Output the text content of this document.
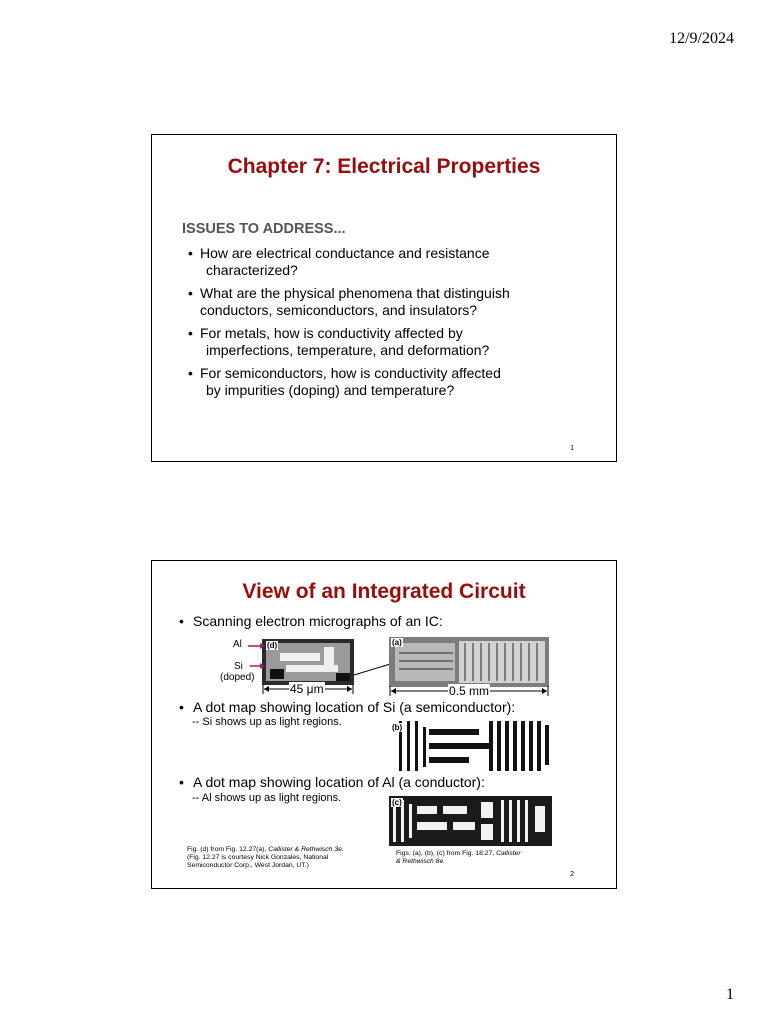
12/9/2024
Chapter 7: Electrical Properties
ISSUES TO ADDRESS...
• How are electrical conductance and resistance
characterized?
• What are the physical phenomena that distinguish
conductors, semiconductors, and insulators?
• For metals, how is conductivity affected by
imperfections, temperature, and deformation?
• For semiconductors, how is conductivity affected
by impurities (doping) and temperature?
1
View of an Integrated Circuit
• Scanning electron micrographs of an IC:
(d)
Al
Si
(doped)
(a)
45 μm	0.5 mm
• A dot map showing location of Si (a semiconductor):
-- Si shows up as light regions.	(b)
• A dot map showing location of Al (a conductor):
-- Al shows up as light regions.	(c)
Fig. (d) from Fig. 12.27(a), Callister & Rethwisch 3e.
(Fig. 12.27 is courtesy Nick Gonzales, National
Semiconductor Corp., West Jordan, UT.)
Figs. (a), (b), (c) from Fig. 18.27, Callister
& Rethwisch 8e.
2
1
